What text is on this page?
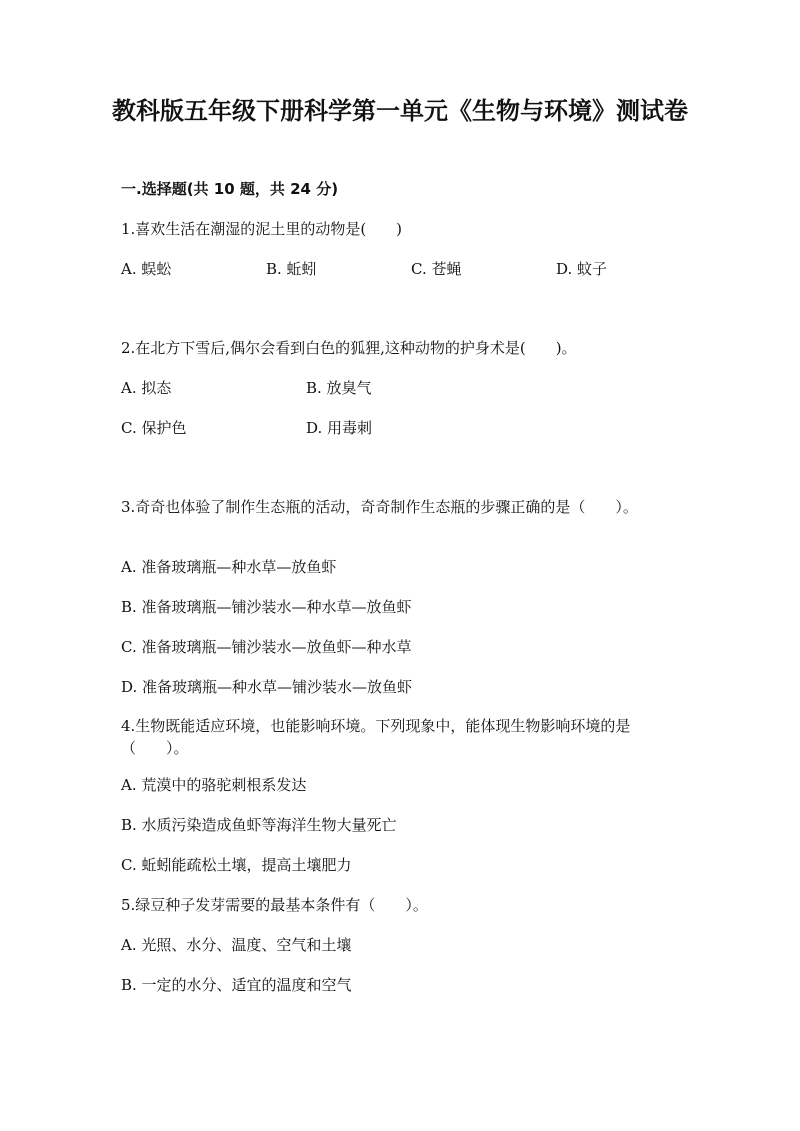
教科版五年级下册科学第一单元《生物与环境》测试卷
一.选择题(共 10 题，共 24 分)
1.喜欢生活在潮湿的泥土里的动物是(　　)
A. 蜈蚣	B. 蚯蚓	C. 苍蝇	D. 蚊子
2.在北方下雪后,偶尔会看到白色的狐狸,这种动物的护身术是(　　)。
A. 拟态	B. 放臭气
C. 保护色	D. 用毒刺
3.奇奇也体验了制作生态瓶的活动，奇奇制作生态瓶的步骤正确的是（　　）。
A. 准备玻璃瓶—种水草—放鱼虾
B. 准备玻璃瓶—铺沙装水—种水草—放鱼虾
C. 准备玻璃瓶—铺沙装水—放鱼虾—种水草
D. 准备玻璃瓶—种水草—铺沙装水—放鱼虾
4.生物既能适应环境，也能影响环境。下列现象中，能体现生物影响环境的是（　　）。
A. 荒漠中的骆驼刺根系发达
B. 水质污染造成鱼虾等海洋生物大量死亡
C. 蚯蚓能疏松土壤，提高土壤肥力
5.绿豆种子发芽需要的最基本条件有（　　）。
A. 光照、水分、温度、空气和土壤
B. 一定的水分、适宜的温度和空气
